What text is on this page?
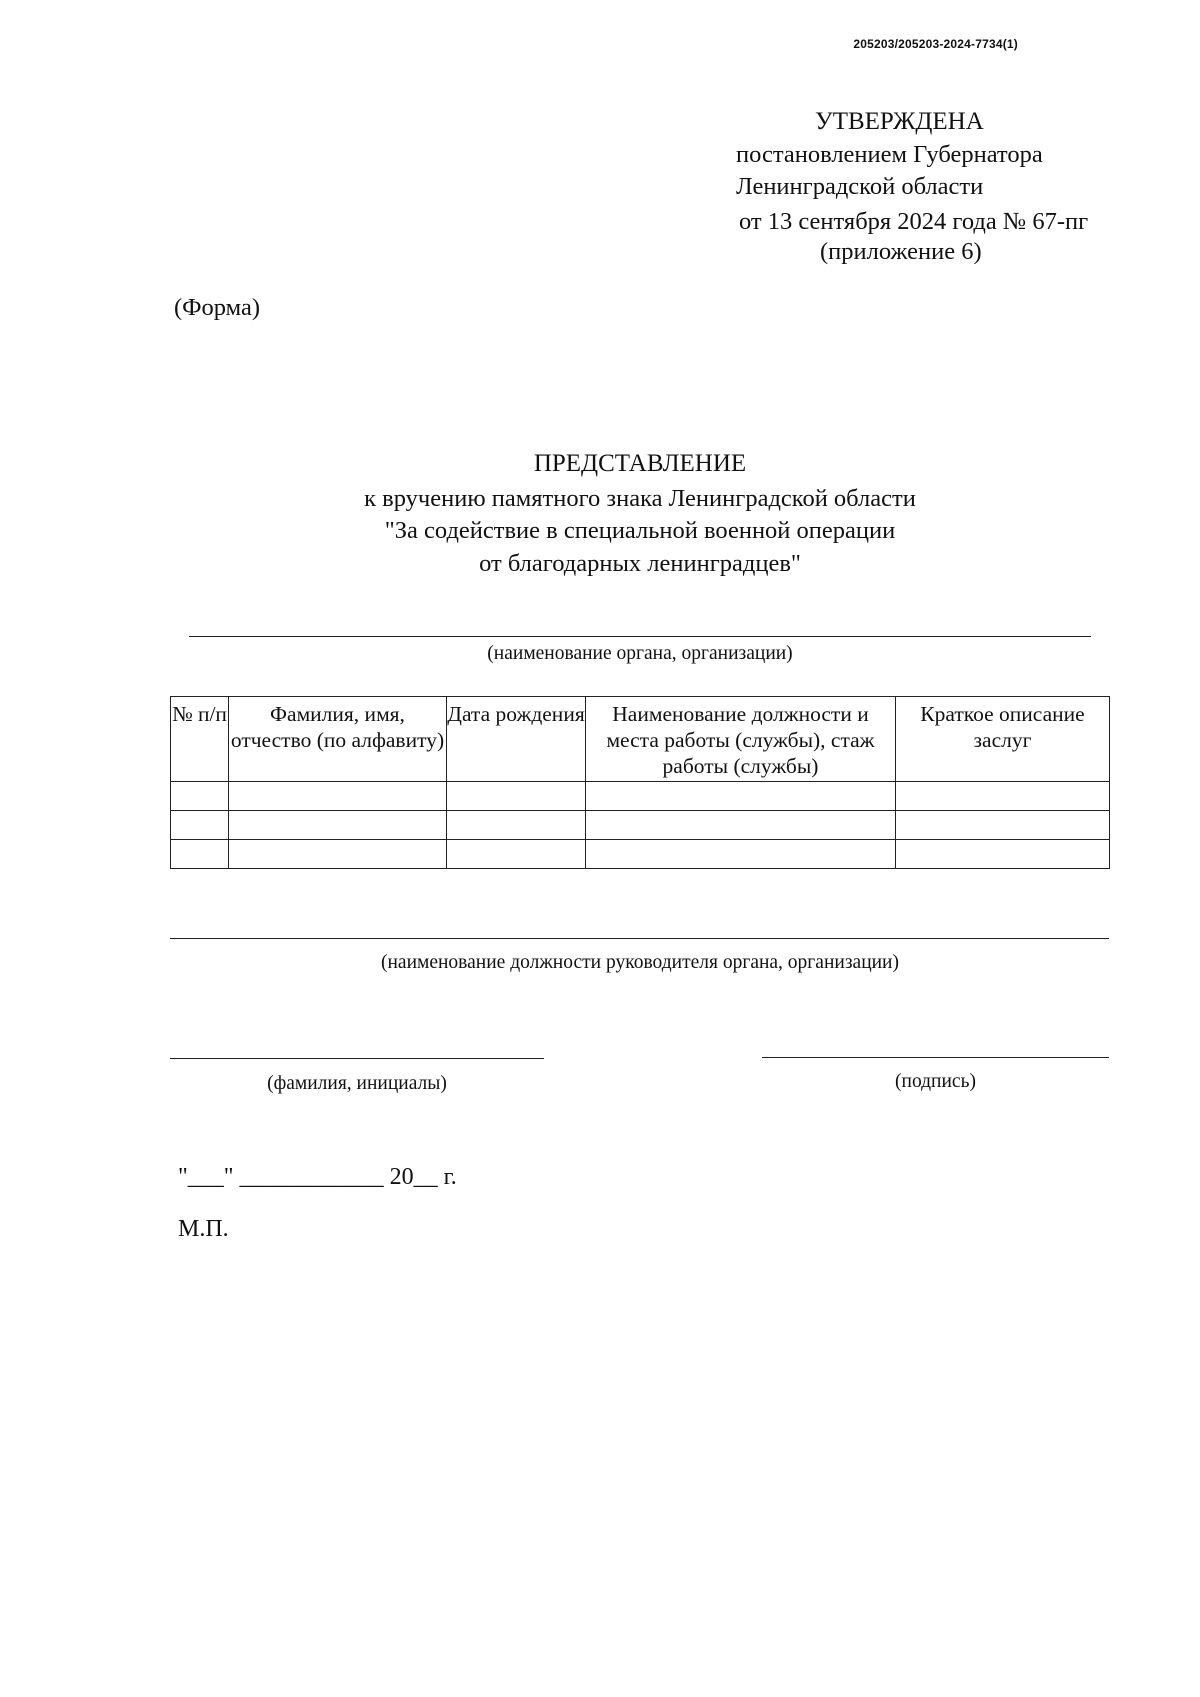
205203/205203-2024-7734(1)
УТВЕРЖДЕНА
постановлением Губернатора
Ленинградской области
от 13 сентября 2024 года № 67-пг
(приложение 6)
(Форма)
ПРЕДСТАВЛЕНИЕ
к вручению памятного знака Ленинградской области
"За содействие в специальной военной операции
от благодарных ленинградцев"
(наименование органа, организации)
№ п/п	Фамилия, имя, отчество (по алфавиту)	Дата рождения	Наименование должности и места работы (службы), стаж работы (службы)	Краткое описание заслуг

(наименование должности руководителя органа, организации)
(фамилия, инициалы)	(подпись)
"___" ____________ 20__ г.
М.П.
